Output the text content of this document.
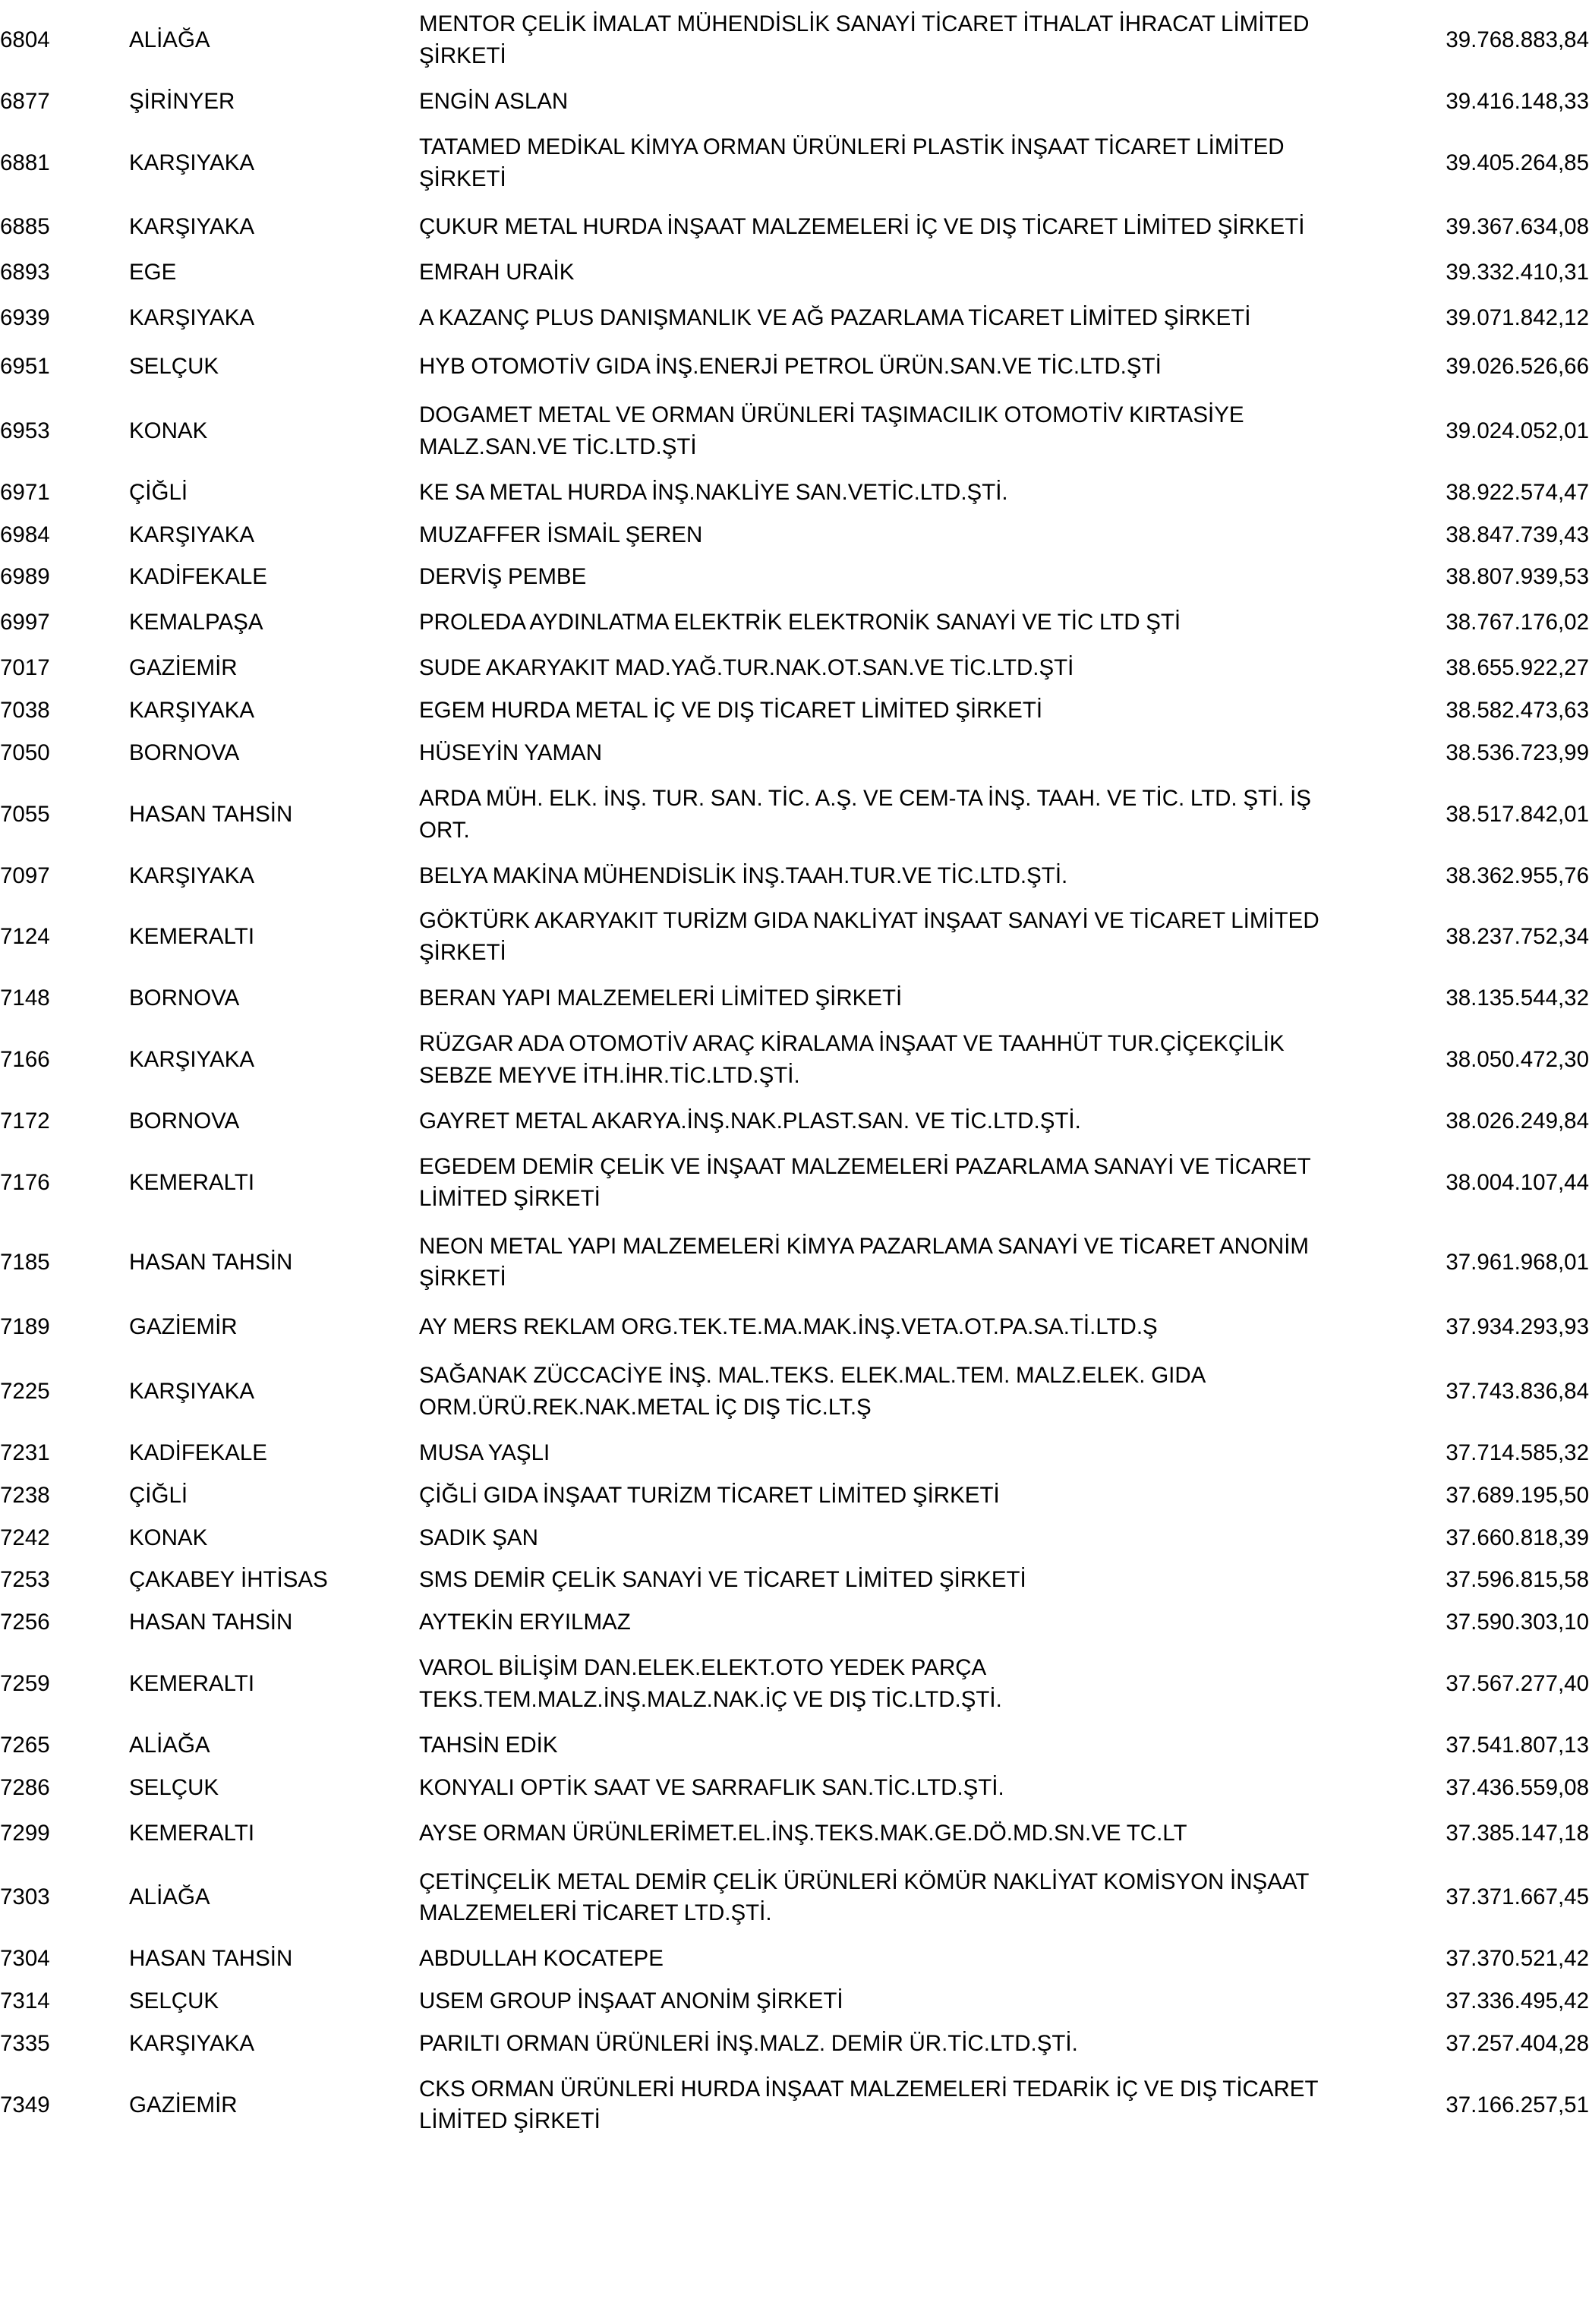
6804	ALİAĞA	MENTOR ÇELİK İMALAT MÜHENDİSLİK SANAYİ TİCARET İTHALAT İHRACAT LİMİTED ŞİRKETİ	39.768.883,84
6877	ŞİRİNYER	ENGİN ASLAN	39.416.148,33
6881	KARŞIYAKA	TATAMED MEDİKAL KİMYA ORMAN ÜRÜNLERİ PLASTİK İNŞAAT TİCARET LİMİTED ŞİRKETİ	39.405.264,85
6885	KARŞIYAKA	ÇUKUR METAL HURDA İNŞAAT MALZEMELERİ İÇ VE DIŞ TİCARET LİMİTED ŞİRKETİ	39.367.634,08
6893	EGE	EMRAH URAİK	39.332.410,31
6939	KARŞIYAKA	A KAZANÇ PLUS DANIŞMANLIK VE AĞ PAZARLAMA TİCARET LİMİTED ŞİRKETİ	39.071.842,12
6951	SELÇUK	HYB OTOMOTİV GIDA İNŞ.ENERJİ PETROL ÜRÜN.SAN.VE TİC.LTD.ŞTİ	39.026.526,66
6953	KONAK	DOGAMET METAL VE ORMAN ÜRÜNLERİ TAŞIMACILIK OTOMOTİV KIRTASİYE MALZ.SAN.VE TİC.LTD.ŞTİ	39.024.052,01
6971	ÇİĞLİ	KE SA METAL HURDA İNŞ.NAKLİYE SAN.VETİC.LTD.ŞTİ.	38.922.574,47
6984	KARŞIYAKA	MUZAFFER İSMAİL ŞEREN	38.847.739,43
6989	KADİFEKALE	DERVİŞ PEMBE	38.807.939,53
6997	KEMALPAŞA	PROLEDA AYDINLATMA ELEKTRİK ELEKTRONİK SANAYİ VE TİC LTD ŞTİ	38.767.176,02
7017	GAZİEMİR	SUDE AKARYAKIT MAD.YAĞ.TUR.NAK.OT.SAN.VE TİC.LTD.ŞTİ	38.655.922,27
7038	KARŞIYAKA	EGEM HURDA METAL İÇ VE DIŞ TİCARET LİMİTED ŞİRKETİ	38.582.473,63
7050	BORNOVA	HÜSEYİN YAMAN	38.536.723,99
7055	HASAN TAHSİN	ARDA MÜH. ELK. İNŞ. TUR. SAN. TİC. A.Ş. VE CEM-TA İNŞ. TAAH. VE TİC. LTD. ŞTİ. İŞ ORT.	38.517.842,01
7097	KARŞIYAKA	BELYA MAKİNA MÜHENDİSLİK İNŞ.TAAH.TUR.VE TİC.LTD.ŞTİ.	38.362.955,76
7124	KEMERALTI	GÖKTÜRK AKARYAKIT TURİZM GIDA NAKLİYAT İNŞAAT SANAYİ VE TİCARET LİMİTED ŞİRKETİ	38.237.752,34
7148	BORNOVA	BERAN YAPI MALZEMELERİ LİMİTED ŞİRKETİ	38.135.544,32
7166	KARŞIYAKA	RÜZGAR ADA OTOMOTİV ARAÇ KİRALAMA İNŞAAT VE TAAHHÜT TUR.ÇİÇEKÇİLİK SEBZE MEYVE İTH.İHR.TİC.LTD.ŞTİ.	38.050.472,30
7172	BORNOVA	GAYRET METAL AKARYA.İNŞ.NAK.PLAST.SAN. VE TİC.LTD.ŞTİ.	38.026.249,84
7176	KEMERALTI	EGEDEM DEMİR ÇELİK VE İNŞAAT MALZEMELERİ PAZARLAMA SANAYİ VE TİCARET LİMİTED ŞİRKETİ	38.004.107,44
7185	HASAN TAHSİN	NEON METAL YAPI MALZEMELERİ KİMYA PAZARLAMA SANAYİ VE TİCARET ANONİM ŞİRKETİ	37.961.968,01
7189	GAZİEMİR	AY MERS REKLAM ORG.TEK.TE.MA.MAK.İNŞ.VETA.OT.PA.SA.Tİ.LTD.Ş	37.934.293,93
7225	KARŞIYAKA	SAĞANAK ZÜCCACİYE İNŞ. MAL.TEKS. ELEK.MAL.TEM. MALZ.ELEK. GIDA ORM.ÜRÜ.REK.NAK.METAL İÇ DIŞ TİC.LT.Ş	37.743.836,84
7231	KADİFEKALE	MUSA YAŞLI	37.714.585,32
7238	ÇİĞLİ	ÇİĞLİ GIDA İNŞAAT TURİZM TİCARET LİMİTED ŞİRKETİ	37.689.195,50
7242	KONAK	SADIK ŞAN	37.660.818,39
7253	ÇAKABEY İHTİSAS	SMS DEMİR ÇELİK SANAYİ VE TİCARET LİMİTED ŞİRKETİ	37.596.815,58
7256	HASAN TAHSİN	AYTEKİN ERYILMAZ	37.590.303,10
7259	KEMERALTI	VAROL BİLİŞİM DAN.ELEK.ELEKT.OTO YEDEK PARÇA TEKS.TEM.MALZ.İNŞ.MALZ.NAK.İÇ VE DIŞ TİC.LTD.ŞTİ.	37.567.277,40
7265	ALİAĞA	TAHSİN EDİK	37.541.807,13
7286	SELÇUK	KONYALI OPTİK SAAT VE SARRAFLIK SAN.TİC.LTD.ŞTİ.	37.436.559,08
7299	KEMERALTI	AYSE ORMAN ÜRÜNLERİMET.EL.İNŞ.TEKS.MAK.GE.DÖ.MD.SN.VE TC.LT	37.385.147,18
7303	ALİAĞA	ÇETİNÇELİK METAL DEMİR ÇELİK ÜRÜNLERİ KÖMÜR NAKLİYAT KOMİSYON İNŞAAT MALZEMELERİ TİCARET LTD.ŞTİ.	37.371.667,45
7304	HASAN TAHSİN	ABDULLAH KOCATEPE	37.370.521,42
7314	SELÇUK	USEM GROUP İNŞAAT ANONİM ŞİRKETİ	37.336.495,42
7335	KARŞIYAKA	PARILTI ORMAN ÜRÜNLERİ İNŞ.MALZ. DEMİR ÜR.TİC.LTD.ŞTİ.	37.257.404,28
7349	GAZİEMİR	CKS ORMAN ÜRÜNLERİ HURDA İNŞAAT MALZEMELERİ TEDARİK İÇ VE DIŞ TİCARET LİMİTED ŞİRKETİ	37.166.257,51
